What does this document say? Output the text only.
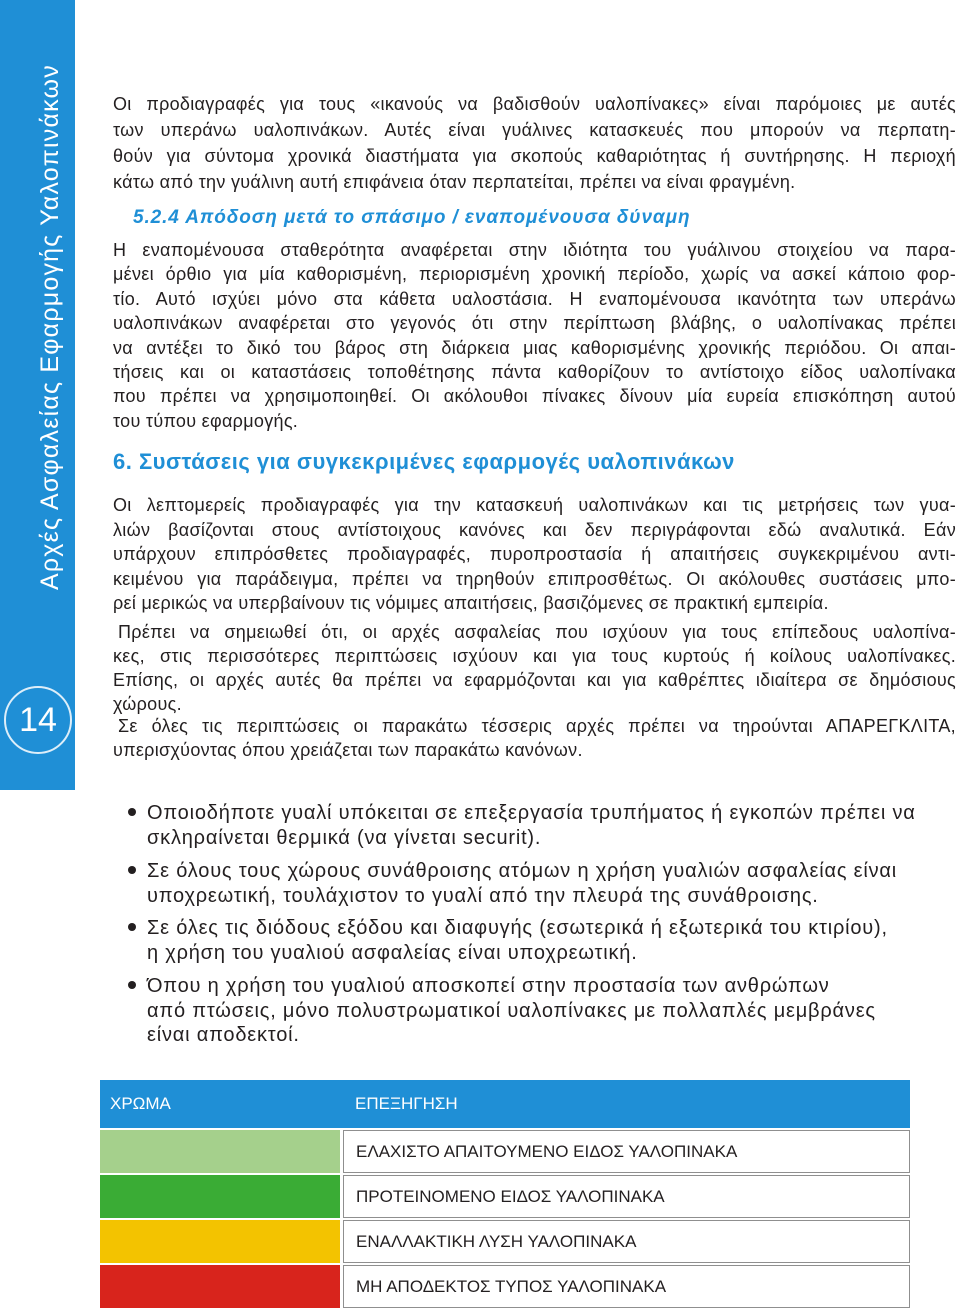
Αρχές Ασφαλείας Εφαρμογής Υαλοπινάκων
14
Οι προδιαγραφές για τους «ικανούς να βαδισθούν υαλοπίνακες» είναι παρόμοιες με αυτές
των υπεράνω υαλοπινάκων. Αυτές είναι γυάλινες κατασκευές που μπορούν να περπατη-
θούν για σύντομα χρονικά διαστήματα για σκοπούς καθαριότητας ή συντήρησης. Η περιοχή
κάτω από την γυάλινη αυτή επιφάνεια όταν περπατείται, πρέπει να είναι φραγμένη.
5.2.4 Απόδοση μετά το σπάσιμο / εναπομένουσα δύναμη
Η εναπομένουσα σταθερότητα αναφέρεται στην ιδιότητα του γυάλινου στοιχείου να παρα-
μένει όρθιο για μία καθορισμένη, περιορισμένη χρονική περίοδο, χωρίς να ασκεί κάποιο φορ-
τίο. Αυτό ισχύει μόνο στα κάθετα υαλοστάσια. Η εναπομένουσα ικανότητα των υπεράνω
υαλοπινάκων αναφέρεται στο γεγονός ότι στην περίπτωση βλάβης, ο υαλοπίνακας πρέπει
να αντέξει το δικό του βάρος στη διάρκεια μιας καθορισμένης χρονικής περιόδου. Οι απαι-
τήσεις και οι καταστάσεις τοποθέτησης πάντα καθορίζουν το αντίστοιχο είδος υαλοπίνακα
που πρέπει να χρησιμοποιηθεί. Οι ακόλουθοι πίνακες δίνουν μία ευρεία επισκόπηση αυτού
του τύπου εφαρμογής.
6. Συστάσεις για συγκεκριμένες εφαρμογές υαλοπινάκων
Οι λεπτομερείς προδιαγραφές για την κατασκευή υαλοπινάκων και τις μετρήσεις των γυα-
λιών βασίζονται στους αντίστοιχους κανόνες και δεν περιγράφονται εδώ αναλυτικά. Εάν
υπάρχουν επιπρόσθετες προδιαγραφές, πυροπροστασία ή απαιτήσεις συγκεκριμένου αντι-
κειμένου για παράδειγμα, πρέπει να τηρηθούν επιπροσθέτως. Οι ακόλουθες συστάσεις μπο-
ρεί μερικώς να υπερβαίνουν τις νόμιμες απαιτήσεις, βασιζόμενες σε πρακτική εμπειρία.
Πρέπει να σημειωθεί ότι, οι αρχές ασφαλείας που ισχύουν για τους επίπεδους υαλοπίνα-
κες, στις περισσότερες περιπτώσεις ισχύουν και για τους κυρτούς ή κοίλους υαλοπίνακες.
Επίσης, οι αρχές αυτές θα πρέπει να εφαρμόζονται και για καθρέπτες ιδιαίτερα σε δημόσιους
χώρους.
Σε όλες τις περιπτώσεις οι παρακάτω τέσσερις αρχές πρέπει να τηρούνται ΑΠΑΡΕΓΚΛΙΤΑ,
υπερισχύοντας όπου χρειάζεται των παρακάτω κανόνων.
Οποιοδήποτε γυαλί υπόκειται σε επεξεργασία τρυπήματος ή εγκοπών πρέπει να
σκληραίνεται θερμικά (να γίνεται securit).
Σε όλους τους χώρους συνάθροισης ατόμων η χρήση γυαλιών ασφαλείας είναι
υποχρεωτική, τουλάχιστον το γυαλί από την πλευρά της συνάθροισης.
Σε όλες τις διόδους εξόδου και διαφυγής (εσωτερικά ή εξωτερικά του κτιρίου),
η χρήση του γυαλιού ασφαλείας είναι υποχρεωτική.
Όπου η χρήση του γυαλιού αποσκοπεί στην προστασία των ανθρώπων
από πτώσεις, μόνο πολυστρωματικοί υαλοπίνακες με πολλαπλές μεμβράνες
είναι αποδεκτοί.
ΧΡΩΜΑ	ΕΠΕΞΗΓΗΣΗ
ΕΛΑΧΙΣΤΟ ΑΠΑΙΤΟΥΜΕΝΟ ΕΙΔΟΣ ΥΑΛΟΠΙΝΑΚΑ
ΠΡΟΤΕΙΝΟΜΕΝΟ ΕΙΔΟΣ ΥΑΛΟΠΙΝΑΚΑ
ΕΝΑΛΛΑΚΤΙΚΗ ΛΥΣΗ ΥΑΛΟΠΙΝΑΚΑ
ΜΗ ΑΠΟΔΕΚΤΟΣ ΤΥΠΟΣ ΥΑΛΟΠΙΝΑΚΑ
